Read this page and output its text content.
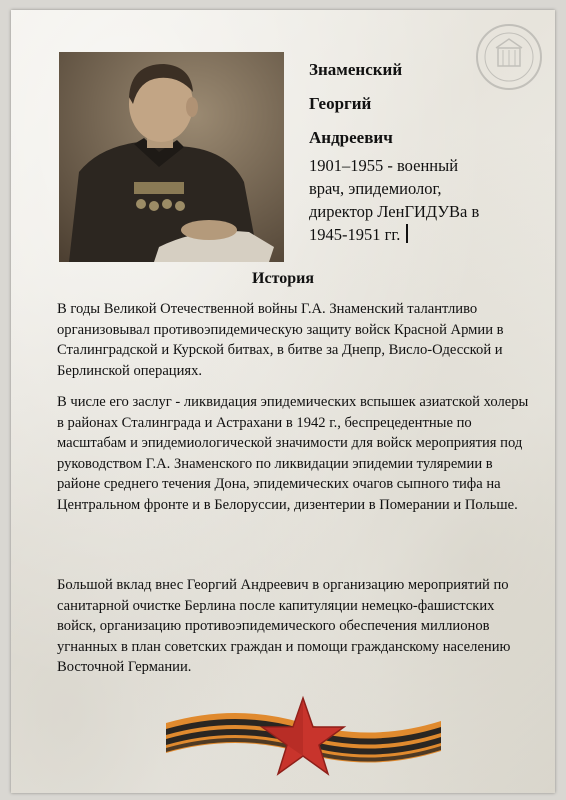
Знаменский
Георгий
Андреевич
1901–1955 - военный
врач, эпидемиолог,
директор ЛенГИДУВа в
1945-1951 гг.
История

В годы Великой Отечественной войны Г.А. Знаменский талантливо организовывал противоэпидемическую защиту войск Красной Армии в Сталинградской и Курской битвах, в битве за Днепр, Висло-Одесской и Берлинской операциях.

В числе его заслуг - ликвидация эпидемических вспышек азиатской холеры в районах Сталинграда и Астрахани в 1942 г., беспрецедентные по масштабам и эпидемиологической значимости для войск мероприятия под руководством Г.А. Знаменского по ликвидации эпидемии туляремии в районе среднего течения Дона, эпидемических очагов сыпного тифа на Центральном фронте и в Белоруссии, дизентерии в Померании и Польше.

Большой вклад внес Георгий Андреевич в организацию мероприятий по санитарной очистке Берлина после капитуляции немецко-фашистских войск, организацию противоэпидемического обеспечения миллионов угнанных в план советских граждан и помощи гражданскому населению Восточной Германии.
